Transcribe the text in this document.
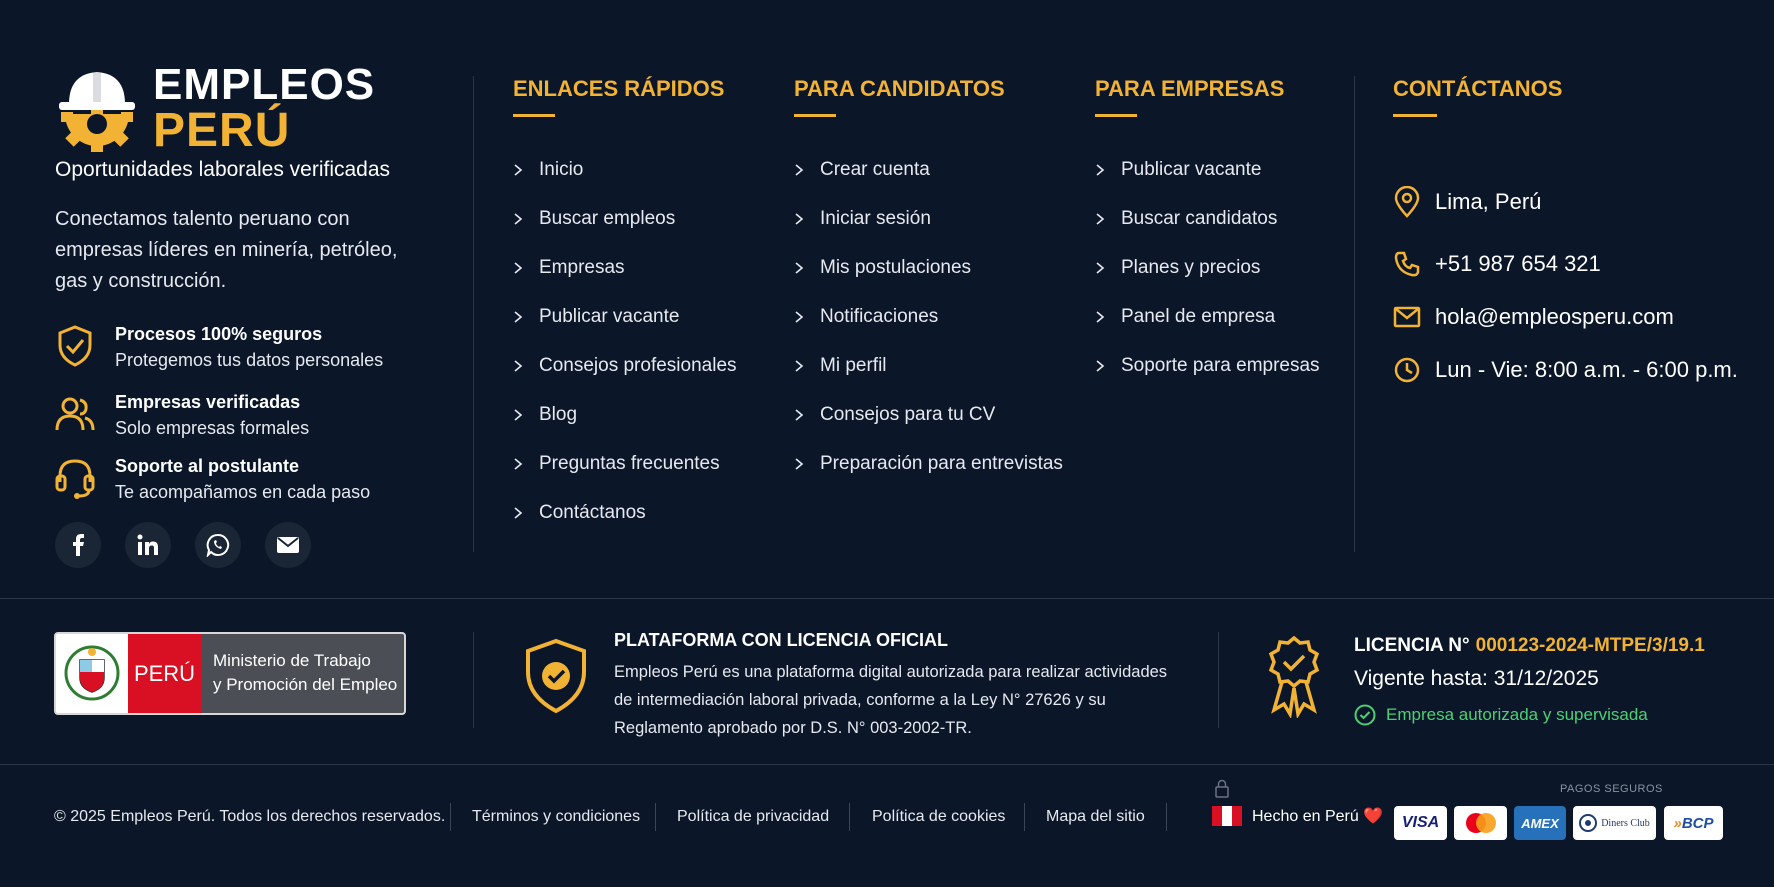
EMPLEOS
PERÚ
Oportunidades laborales verificadas
Conectamos talento peruano con empresas líderes en minería, petróleo, gas y construcción.
Procesos 100% seguros
Protegemos tus datos personales
Empresas verificadas
Solo empresas formales
Soporte al postulante
Te acompañamos en cada paso
ENLACES RÁPIDOS
Inicio
Buscar empleos
Empresas
Publicar vacante
Consejos profesionales
Blog
Preguntas frecuentes
Contáctanos
PARA CANDIDATOS
Crear cuenta
Iniciar sesión
Mis postulaciones
Notificaciones
Mi perfil
Consejos para tu CV
Preparación para entrevistas
PARA EMPRESAS
Publicar vacante
Buscar candidatos
Planes y precios
Panel de empresa
Soporte para empresas
CONTÁCTANOS
Lima, Perú
+51 987 654 321
hola@empleosperu.com
Lun - Vie: 8:00 a.m. - 6:00 p.m.
PERÚ	Ministerio de Trabajo
y Promoción del Empleo
PLATAFORMA CON LICENCIA OFICIAL
Empleos Perú es una plataforma digital autorizada para realizar actividades de intermediación laboral privada, conforme a la Ley N° 27626 y su Reglamento aprobado por D.S. N° 003-2002-TR.
LICENCIA N° 000123-2024-MTPE/3/19.1
Vigente hasta: 31/12/2025
Empresa autorizada y supervisada
© 2025 Empleos Perú. Todos los derechos reservados. Términos y condiciones Política de privacidad	Política de cookies	Mapa del sitio	Hecho en Perú ❤️
PAGOS SEGUROS
VISA	AMEX	Diners Club » BCP
